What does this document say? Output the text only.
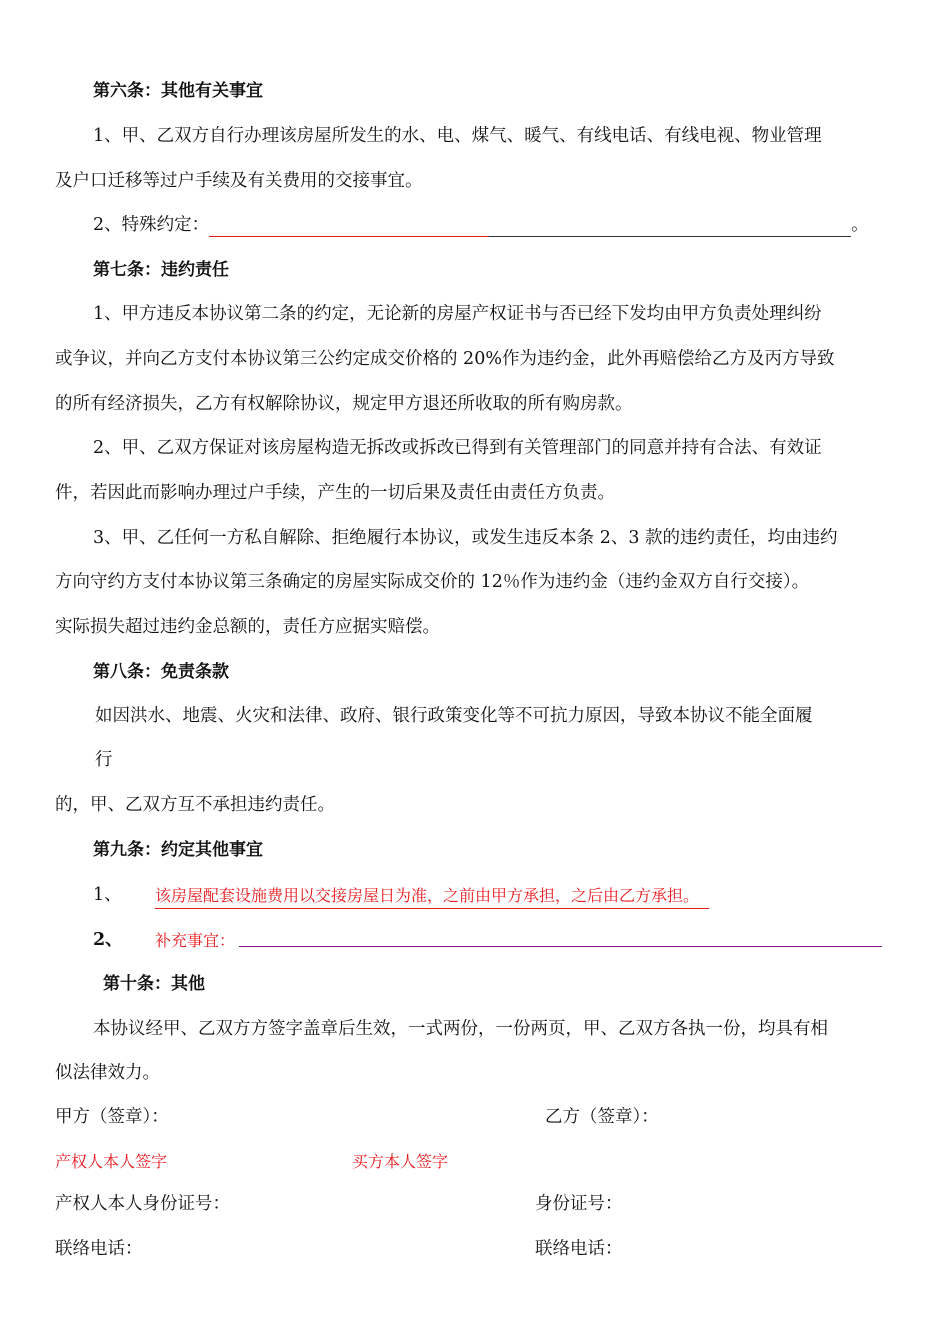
第六条：其他有关事宜
1、甲、乙双方自行办理该房屋所发生的水、电、煤气、暖气、有线电话、有线电视、物业管理
及户口迁移等过户手续及有关费用的交接事宜。
2、特殊约定：	。
第七条：违约责任
1、甲方违反本协议第二条的约定，无论新的房屋产权证书与否已经下发均由甲方负责处理纠纷
或争议，并向乙方支付本协议第三公约定成交价格的 20%作为违约金，此外再赔偿给乙方及丙方导致
的所有经济损失，乙方有权解除协议，规定甲方退还所收取的所有购房款。
2、甲、乙双方保证对该房屋构造无拆改或拆改已得到有关管理部门的同意并持有合法、有效证
件，若因此而影响办理过户手续，产生的一切后果及责任由责任方负责。
3、甲、乙任何一方私自解除、拒绝履行本协议，或发生违反本条 2、3 款的违约责任，均由违约
方向守约方支付本协议第三条确定的房屋实际成交价的 12％作为违约金（违约金双方自行交接）。
实际损失超过违约金总额的，责任方应据实赔偿。
第八条：免责条款
如因洪水、地震、火灾和法律、政府、银行政策变化等不可抗力原因，导致本协议不能全面履
行
的，甲、乙双方互不承担违约责任。
第九条：约定其他事宜
1、 该房屋配套设施费用以交接房屋日为准，之前由甲方承担，之后由乙方承担。
2、 补充事宜：
第十条：其他
本协议经甲、乙双方方签字盖章后生效，一式两份，一份两页，甲、乙双方各执一份，均具有相
似法律效力。
甲方（签章）：	乙方（签章）：
产权人本人签字	买方本人签字
产权人本人身份证号：	身份证号：
联络电话：	联络电话：
